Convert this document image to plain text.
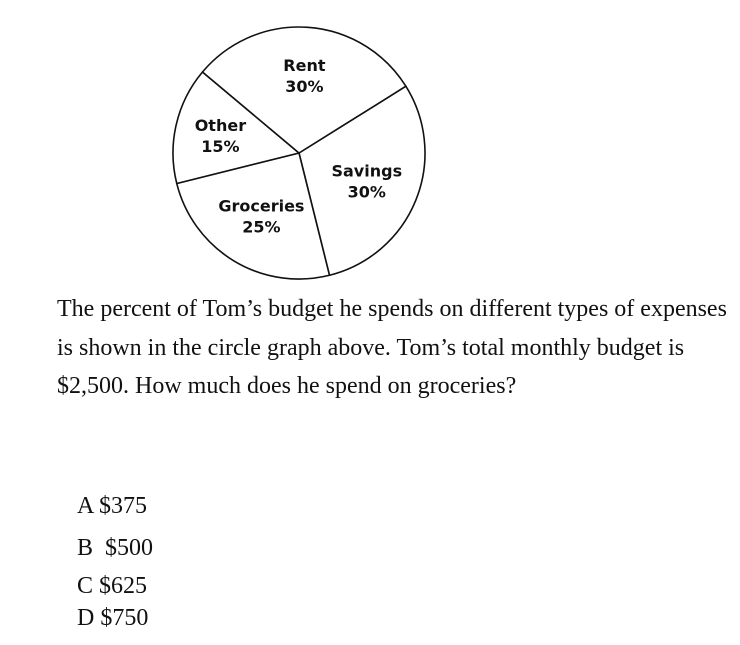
Savings 30%
Groceries 25%
Other 15%
Rent 30%

The percent of Tom’s budget he spends on different types of expenses is shown in the circle graph above. Tom’s total monthly budget is $2,500. How much does he spend on groceries?

A $375
B  $500
C $625
D $750
